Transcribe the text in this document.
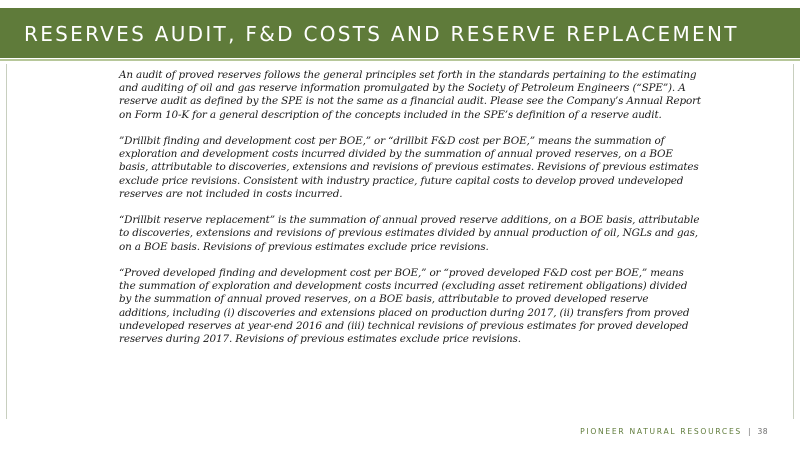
RESERVES AUDIT, F&D COSTS AND RESERVE REPLACEMENT

An audit of proved reserves follows the general principles set forth in the standards pertaining to the estimating and auditing of oil and gas reserve information promulgated by the Society of Petroleum Engineers (“SPE”). A reserve audit as defined by the SPE is not the same as a financial audit. Please see the Company’s Annual Report on Form 10-K for a general description of the concepts included in the SPE’s definition of a reserve audit.

”Drillbit finding and development cost per BOE,” or “drillbit F&D cost per BOE,” means the summation of exploration and development costs incurred divided by the summation of annual proved reserves, on a BOE basis, attributable to discoveries, extensions and revisions of previous estimates. Revisions of previous estimates exclude price revisions. Consistent with industry practice, future capital costs to develop proved undeveloped reserves are not included in costs incurred.

“Drillbit reserve replacement” is the summation of annual proved reserve additions, on a BOE basis, attributable to discoveries, extensions and revisions of previous estimates divided by annual production of oil, NGLs and gas, on a BOE basis. Revisions of previous estimates exclude price revisions.

“Proved developed finding and development cost per BOE,” or “proved developed F&D cost per BOE,” means the summation of exploration and development costs incurred (excluding asset retirement obligations) divided by the summation of annual proved reserves, on a BOE basis, attributable to proved developed reserve additions, including (i) discoveries and extensions placed on production during 2017, (ii) transfers from proved undeveloped reserves at year-end 2016 and (iii) technical revisions of previous estimates for proved developed reserves during 2017. Revisions of previous estimates exclude price revisions.

PIONEER NATURAL RESOURCES | 38
